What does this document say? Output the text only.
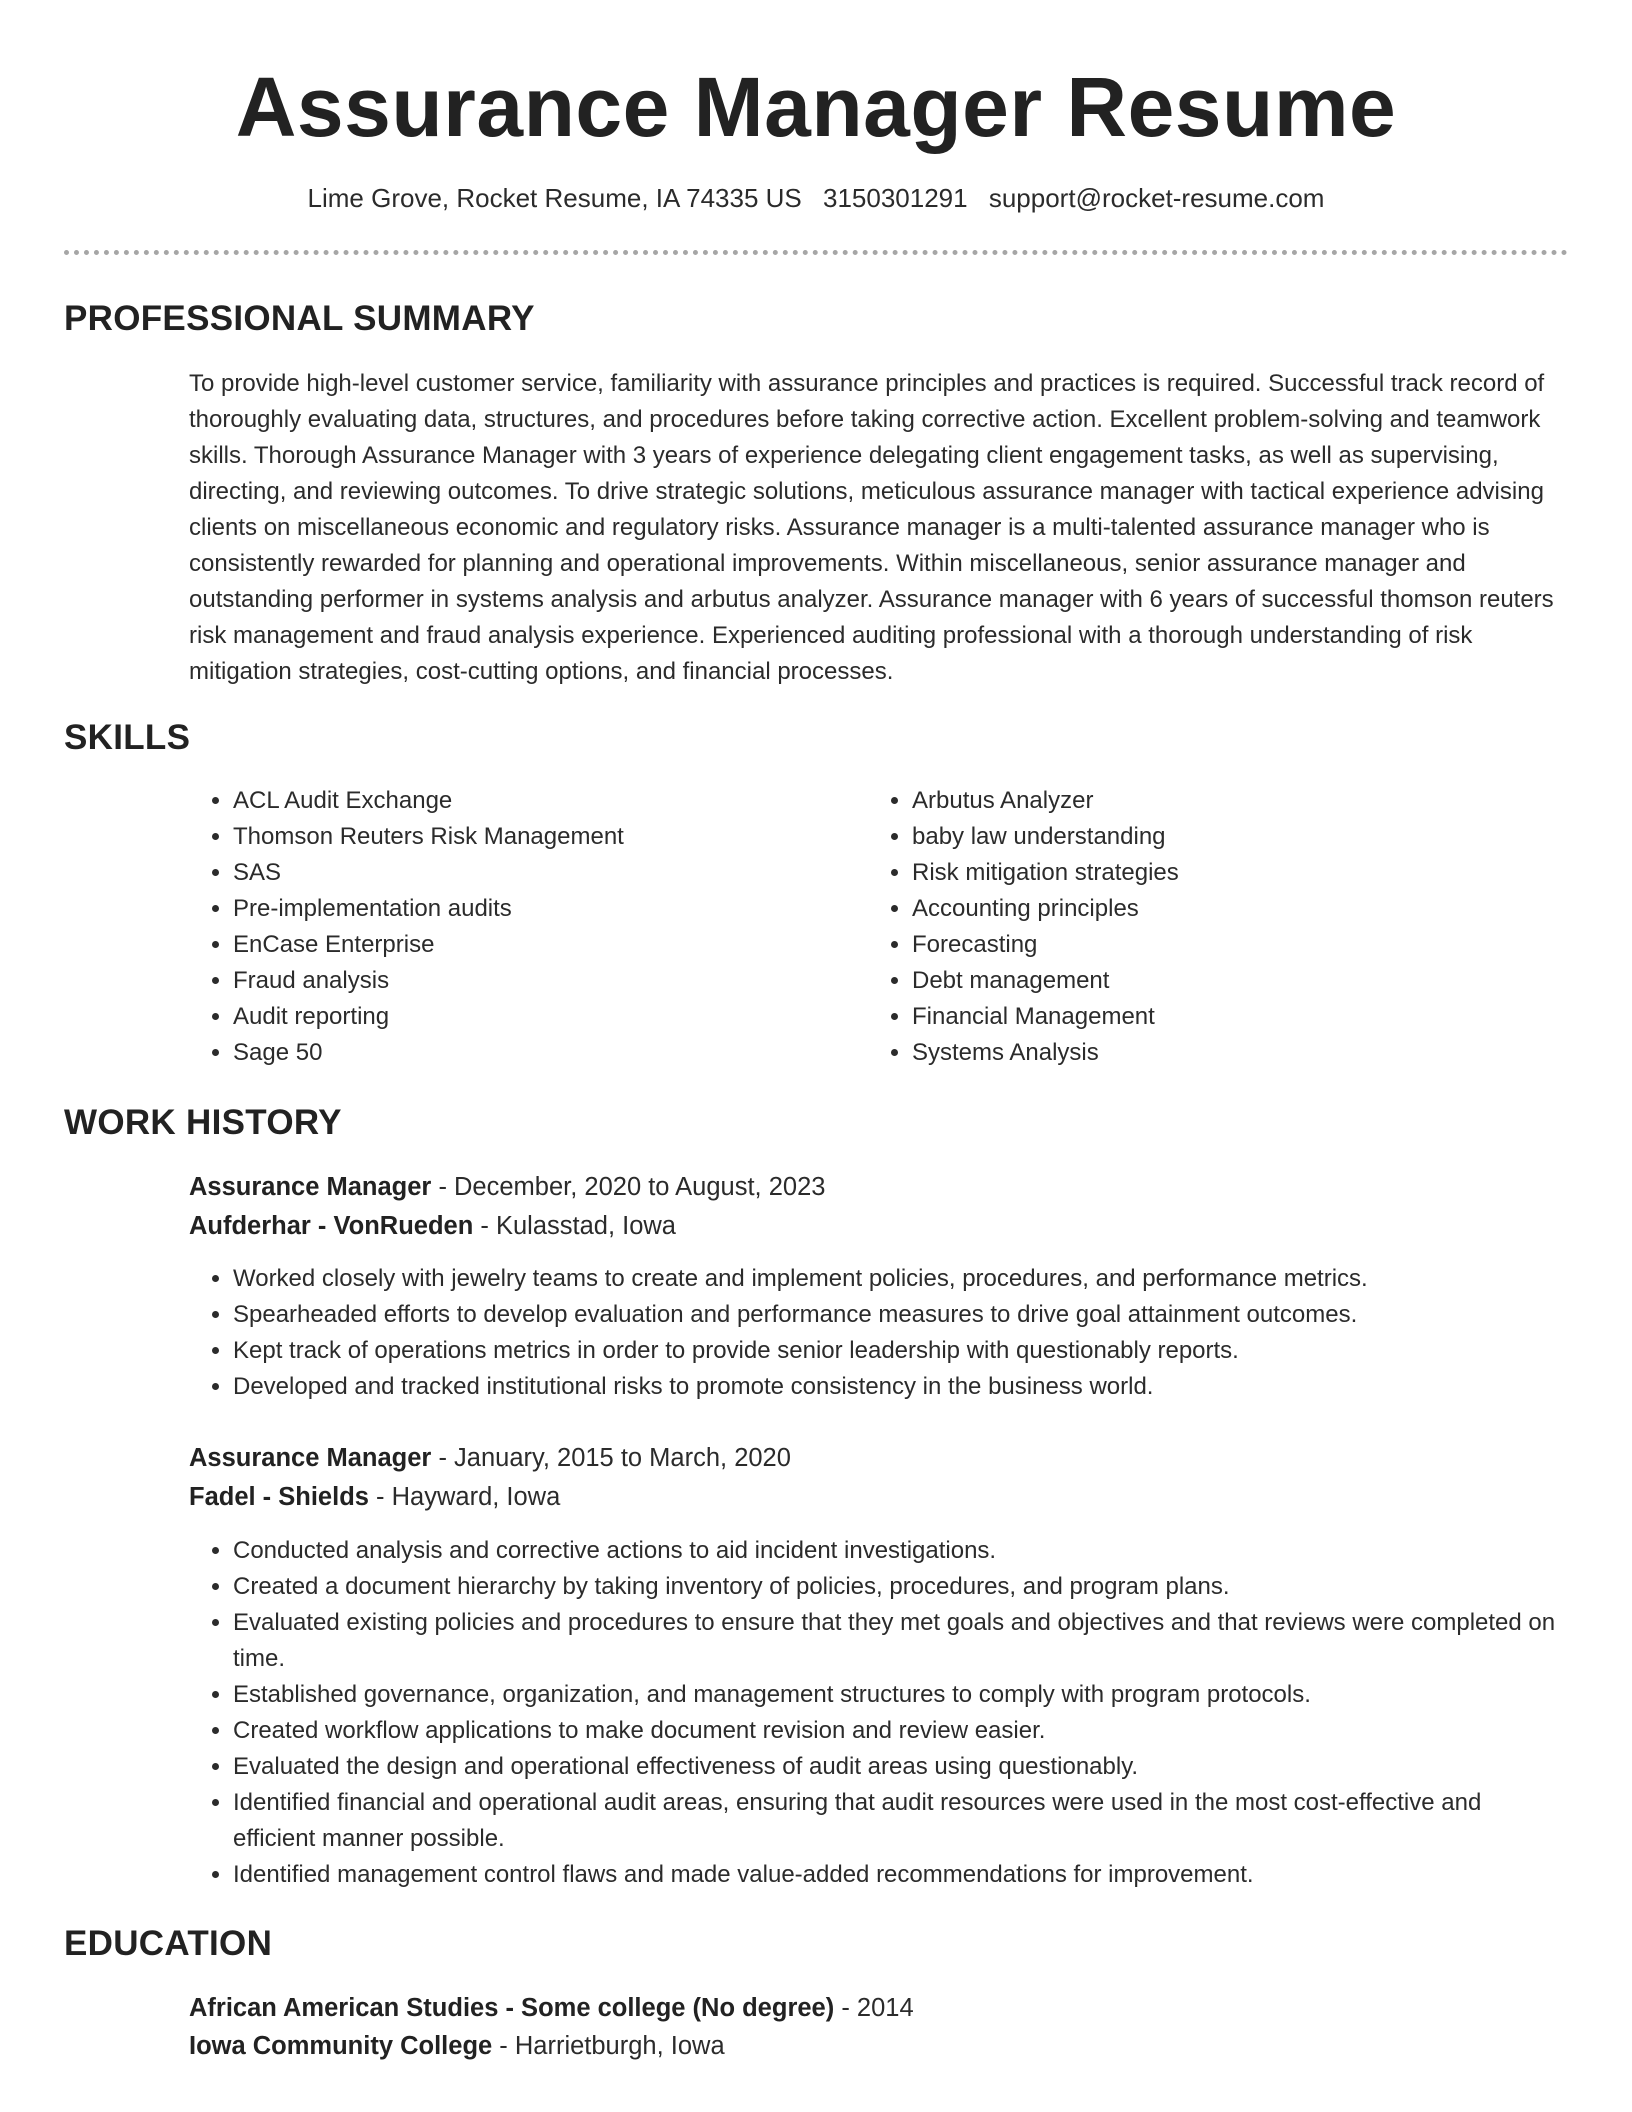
Assurance Manager Resume
Lime Grove, Rocket Resume, IA 74335 US 3150301291 support@rocket-resume.com
PROFESSIONAL SUMMARY

To provide high-level customer service, familiarity with assurance principles and practices is required. Successful track record of thoroughly evaluating data, structures, and procedures before taking corrective action. Excellent problem-solving and teamwork skills. Thorough Assurance Manager with 3 years of experience delegating client engagement tasks, as well as supervising, directing, and reviewing outcomes. To drive strategic solutions, meticulous assurance manager with tactical experience advising clients on miscellaneous economic and regulatory risks. Assurance manager is a multi-talented assurance manager who is consistently rewarded for planning and operational improvements. Within miscellaneous, senior assurance manager and outstanding performer in systems analysis and arbutus analyzer. Assurance manager with 6 years of successful thomson reuters risk management and fraud analysis experience. Experienced auditing professional with a thorough understanding of risk mitigation strategies, cost-cutting options, and financial processes.

SKILLS
• ACL Audit Exchange
• Thomson Reuters Risk Management
• SAS
• Pre-implementation audits
• EnCase Enterprise
• Fraud analysis
• Audit reporting
• Sage 50
• Arbutus Analyzer
• baby law understanding
• Risk mitigation strategies
• Accounting principles
• Forecasting
• Debt management
• Financial Management
• Systems Analysis
WORK HISTORY
Assurance Manager - December, 2020 to August, 2023
Aufderhar - VonRueden - Kulasstad, Iowa
• Worked closely with jewelry teams to create and implement policies, procedures, and performance metrics.
• Spearheaded efforts to develop evaluation and performance measures to drive goal attainment outcomes.
• Kept track of operations metrics in order to provide senior leadership with questionably reports.
• Developed and tracked institutional risks to promote consistency in the business world.
Assurance Manager - January, 2015 to March, 2020
Fadel - Shields - Hayward, Iowa
• Conducted analysis and corrective actions to aid incident investigations.
• Created a document hierarchy by taking inventory of policies, procedures, and program plans.
• Evaluated existing policies and procedures to ensure that they met goals and objectives and that reviews were completed on time.
• Established governance, organization, and management structures to comply with program protocols.
• Created workflow applications to make document revision and review easier.
• Evaluated the design and operational effectiveness of audit areas using questionably.
• Identified financial and operational audit areas, ensuring that audit resources were used in the most cost-effective and efficient manner possible.
• Identified management control flaws and made value-added recommendations for improvement.
EDUCATION
African American Studies - Some college (No degree) - 2014
Iowa Community College - Harrietburgh, Iowa
